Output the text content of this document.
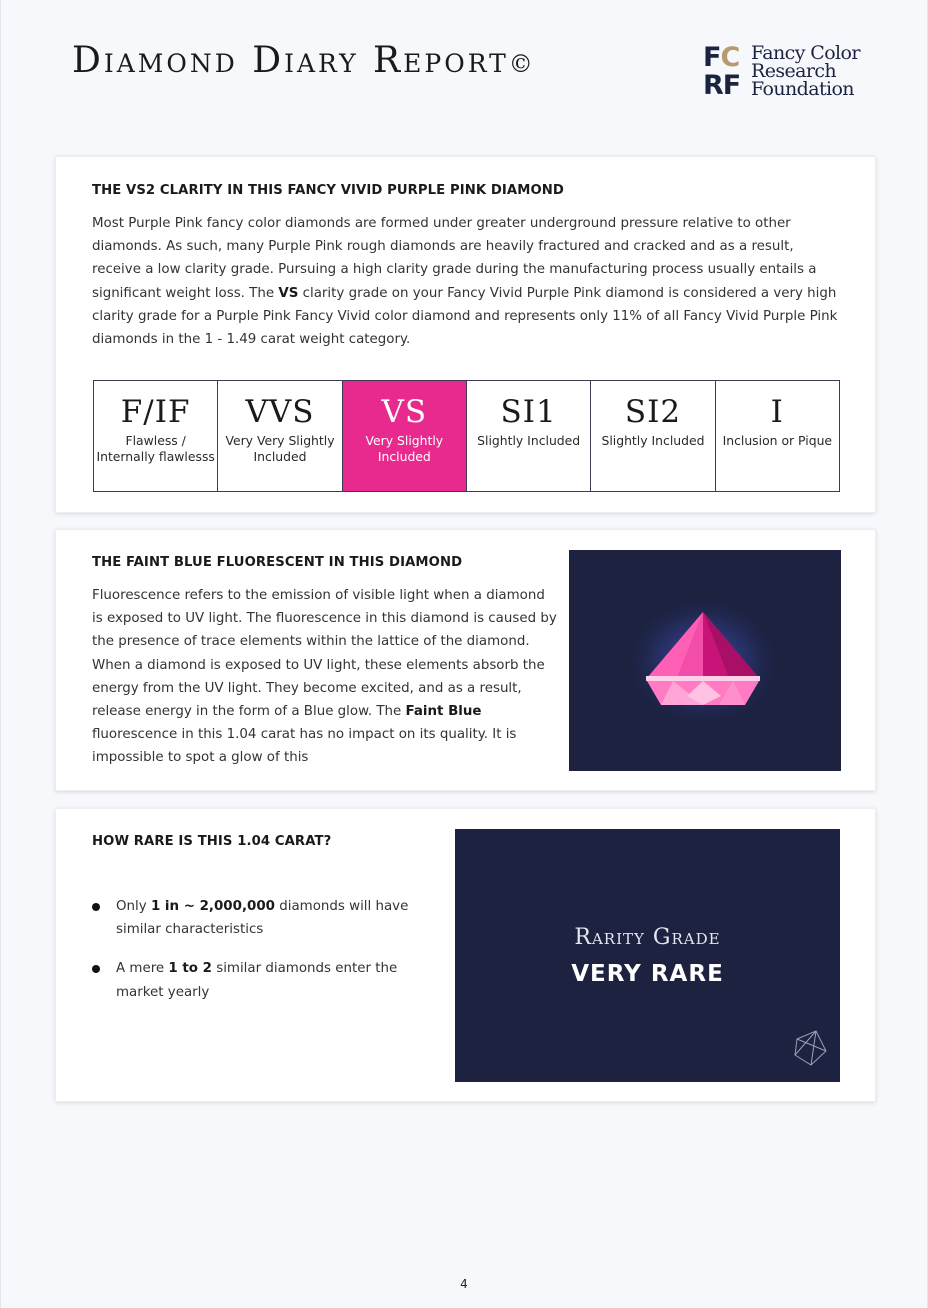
Diamond Diary Report©	FC
RF
Fancy Color
Research
Foundation
THE VS2 CLARITY IN THIS FANCY VIVID PURPLE PINK DIAMOND

Most Purple Pink fancy color diamonds are formed under greater underground pressure relative to other diamonds. As such, many Purple Pink rough diamonds are heavily fractured and cracked and as a result, receive a low clarity grade. Pursuing a high clarity grade during the manufacturing process usually entails a significant weight loss. The VS clarity grade on your Fancy Vivid Purple Pink diamond is considered a very high clarity grade for a Purple Pink Fancy Vivid color diamond and represents only 11% of all Fancy Vivid Purple Pink diamonds in the 1 - 1.49 carat weight category.

F/IF
Flawless / Internally flawlesss
VVS
Very Very Slightly Included
VS
Very Slightly Included
SI1
Slightly Included
SI2
Slightly Included
I
Inclusion or Pique
THE FAINT BLUE FLUORESCENT IN THIS DIAMOND

Fluorescence refers to the emission of visible light when a diamond is exposed to UV light. The fluorescence in this diamond is caused by the presence of trace elements within the lattice of the diamond. When a diamond is exposed to UV light, these elements absorb the energy from the UV light. They become excited, and as a result, release energy in the form of a Blue glow. The Faint Blue fluorescence in this 1.04 carat has no impact on its quality. It is impossible to spot a glow of this

HOW RARE IS THIS 1.04 CARAT?
Only 1 in ~ 2,000,000 diamonds will have similar characteristics
A mere 1 to 2 similar diamonds enter the market yearly
Rarity Grade
VERY RARE
4
